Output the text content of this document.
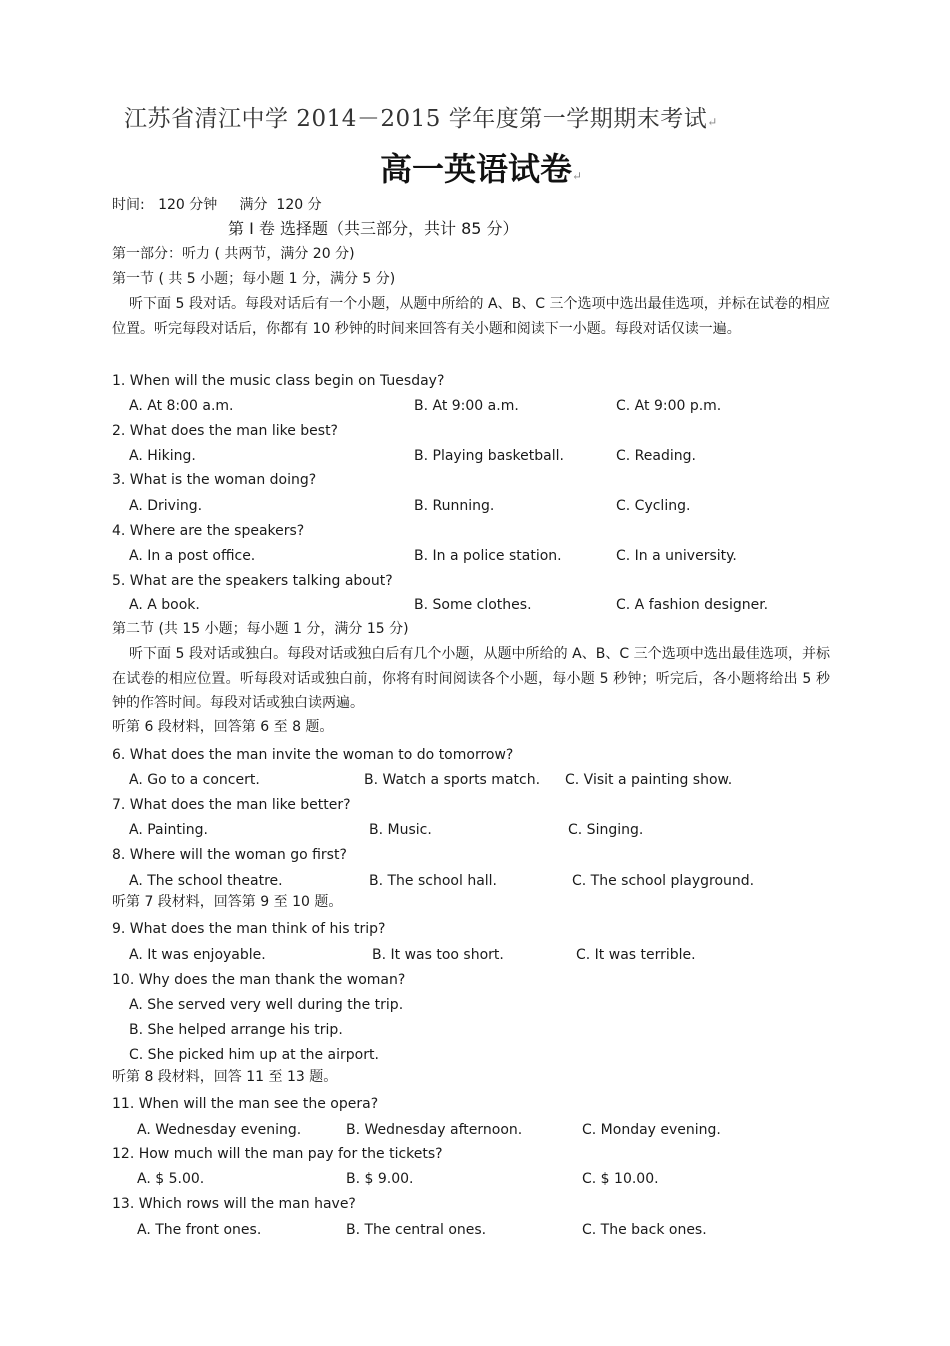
江苏省清江中学 2014－2015 学年度第一学期期末考试↵
高一英语试卷↵
时间: 120 分钟 满分 120 分
第 I 卷 选择题（共三部分，共计 85 分）
第一部分：听力 ( 共两节，满分 20 分)
第一节 ( 共 5 小题；每小题 1 分，满分 5 分)
听下面 5 段对话。每段对话后有一个小题，从题中所给的 A、B、C 三个选项中选出最佳选项，并标在试卷的相应位置。听完每段对话后，你都有 10 秒钟的时间来回答有关小题和阅读下一小题。每段对话仅读一遍。
1. When will the music class begin on Tuesday?
A. At 8:00 a.m.	B. At 9:00 a.m.	C. At 9:00 p.m.
2. What does the man like best?
A. Hiking.	B. Playing basketball.	C. Reading.
3. What is the woman doing?
A. Driving.	B. Running.	C. Cycling.
4. Where are the speakers?
A. In a post office.	B. In a police station.	C. In a university.
5. What are the speakers talking about?
A. A book.	B. Some clothes.	C. A fashion designer.
第二节 (共 15 小题；每小题 1 分，满分 15 分)
听下面 5 段对话或独白。每段对话或独白后有几个小题，从题中所给的 A、B、C 三个选项中选出最佳选项，并标在试卷的相应位置。听每段对话或独白前，你将有时间阅读各个小题，每小题 5 秒钟；听完后，各小题将给出 5 秒钟的作答时间。每段对话或独白读两遍。
听第 6 段材料，回答第 6 至 8 题。
6. What does the man invite the woman to do tomorrow?
A. Go to a concert.	B. Watch a sports match. C. Visit a painting show.
7. What does the man like better?
A. Painting.	B. Music.	C. Singing.
8. Where will the woman go first?
A. The school theatre.	B. The school hall.	C. The school playground.
听第 7 段材料，回答第 9 至 10 题。
9. What does the man think of his trip?
A. It was enjoyable.	B. It was too short.	C. It was terrible.
10. Why does the man thank the woman?
A. She served very well during the trip.
B. She helped arrange his trip.
C. She picked him up at the airport.
听第 8 段材料，回答 11 至 13 题。
11. When will the man see the opera?
A. Wednesday evening.	B. Wednesday afternoon.	C. Monday evening.
12. How much will the man pay for the tickets?
A. $ 5.00.	B. $ 9.00.	C. $ 10.00.
13. Which rows will the man have?
A. The front ones.	B. The central ones.	C. The back ones.
